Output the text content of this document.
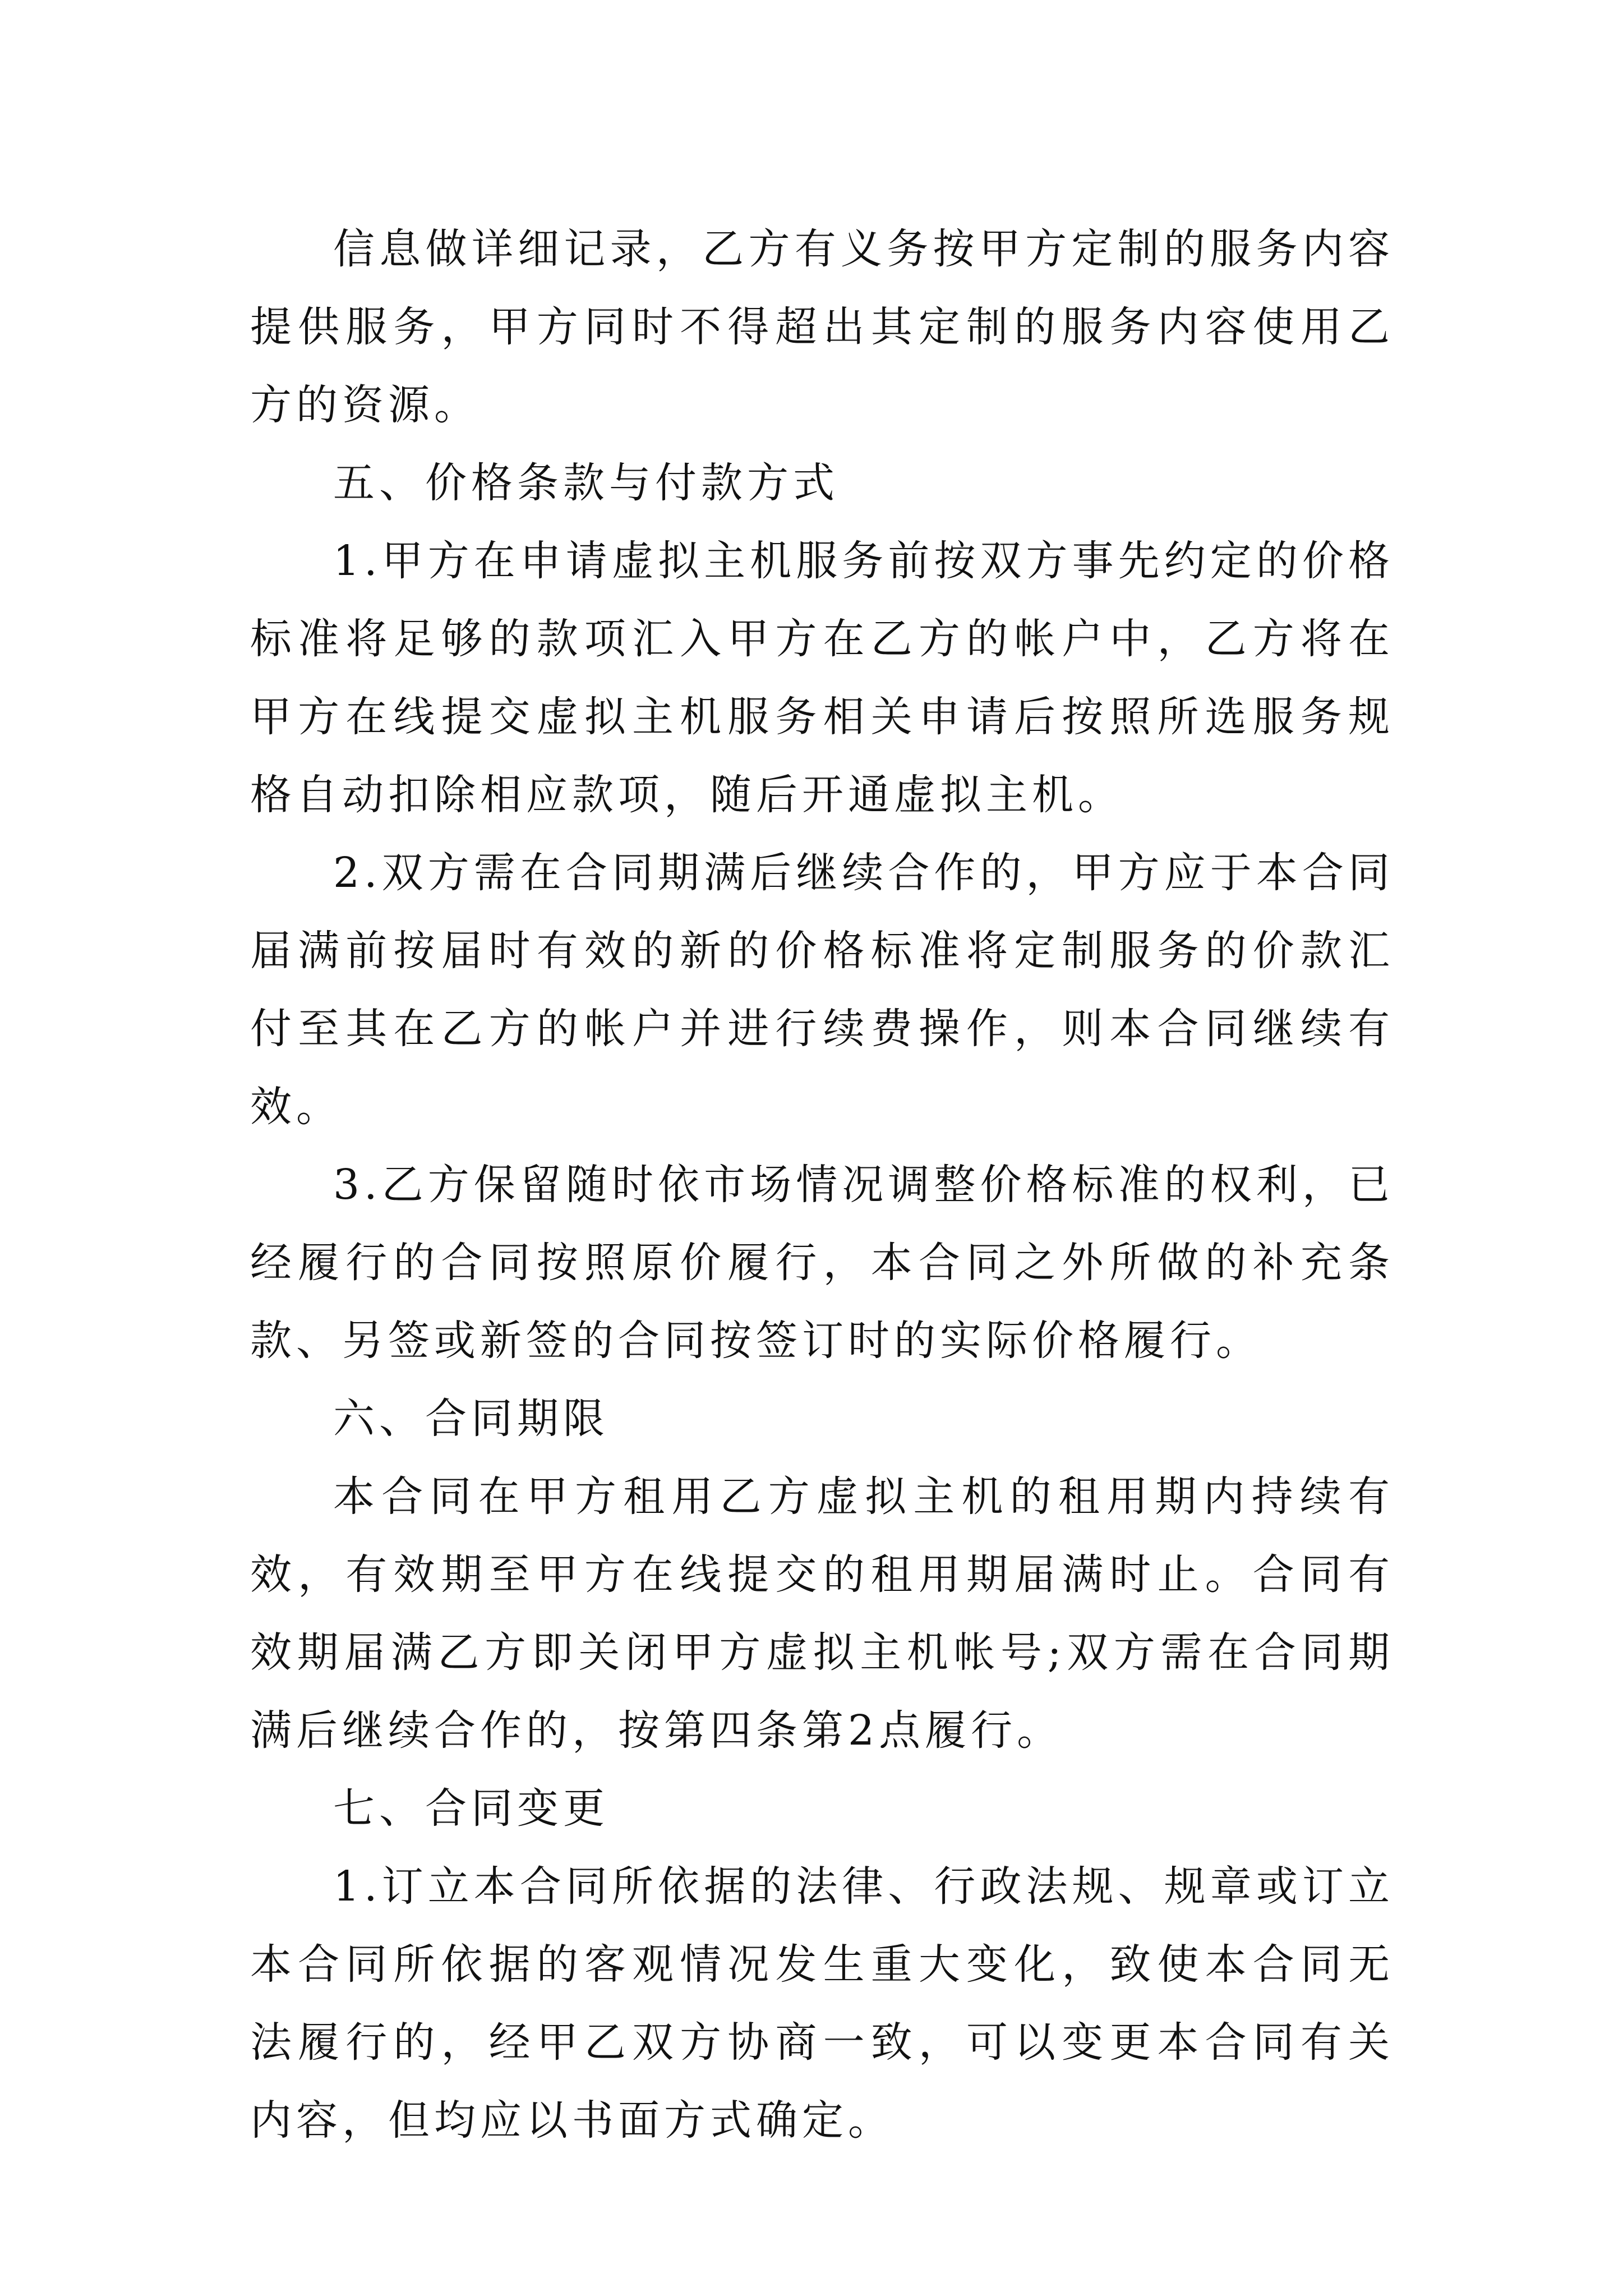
信息做详细记录，乙方有义务按甲方定制的服务内容提供服务，甲方同时不得超出其定制的服务内容使用乙方的资源。

五、价格条款与付款方式

1.甲方在申请虚拟主机服务前按双方事先约定的价格标准将足够的款项汇入甲方在乙方的帐户中，乙方将在甲方在线提交虚拟主机服务相关申请后按照所选服务规格自动扣除相应款项，随后开通虚拟主机。

2.双方需在合同期满后继续合作的，甲方应于本合同届满前按届时有效的新的价格标准将定制服务的价款汇付至其在乙方的帐户并进行续费操作，则本合同继续有效。

3.乙方保留随时依市场情况调整价格标准的权利，已经履行的合同按照原价履行，本合同之外所做的补充条款、另签或新签的合同按签订时的实际价格履行。

六、合同期限

本合同在甲方租用乙方虚拟主机的租用期内持续有效，有效期至甲方在线提交的租用期届满时止。合同有效期届满乙方即关闭甲方虚拟主机帐号;双方需在合同期满后继续合作的，按第四条第2点履行。

七、合同变更

1.订立本合同所依据的法律、行政法规、规章或订立本合同所依据的客观情况发生重大变化，致使本合同无法履行的，经甲乙双方协商一致，可以变更本合同有关内容，但均应以书面方式确定。
